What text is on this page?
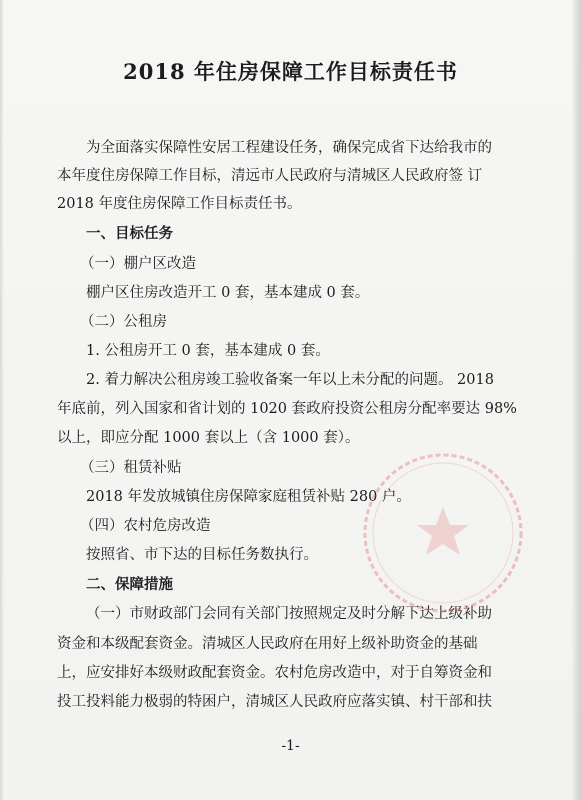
2018 年住房保障工作目标责任书
为全面落实保障性安居工程建设任务，确保完成省下达给我市的
本年度住房保障工作目标，清远市人民政府与清城区人民政府签 订
2018 年度住房保障工作目标责任书。
一、目标任务
（一）棚户区改造
棚户区住房改造开工 0 套，基本建成 0 套。
（二）公租房
1. 公租房开工 0 套，基本建成 0 套。
2. 着力解决公租房竣工验收备案一年以上未分配的问题。 2018
年底前，列入国家和省计划的 1020 套政府投资公租房分配率要达 98%
以上，即应分配 1000 套以上（含 1000 套）。
（三）租赁补贴
2018 年发放城镇住房保障家庭租赁补贴 280 户。
（四）农村危房改造
按照省、市下达的目标任务数执行。
二、保障措施
（一）市财政部门会同有关部门按照规定及时分解下达上级补助
资金和本级配套资金。清城区人民政府在用好上级补助资金的基础
上，应安排好本级财政配套资金。农村危房改造中，对于自筹资金和
投工投料能力极弱的特困户，清城区人民政府应落实镇、村干部和扶
-1-
